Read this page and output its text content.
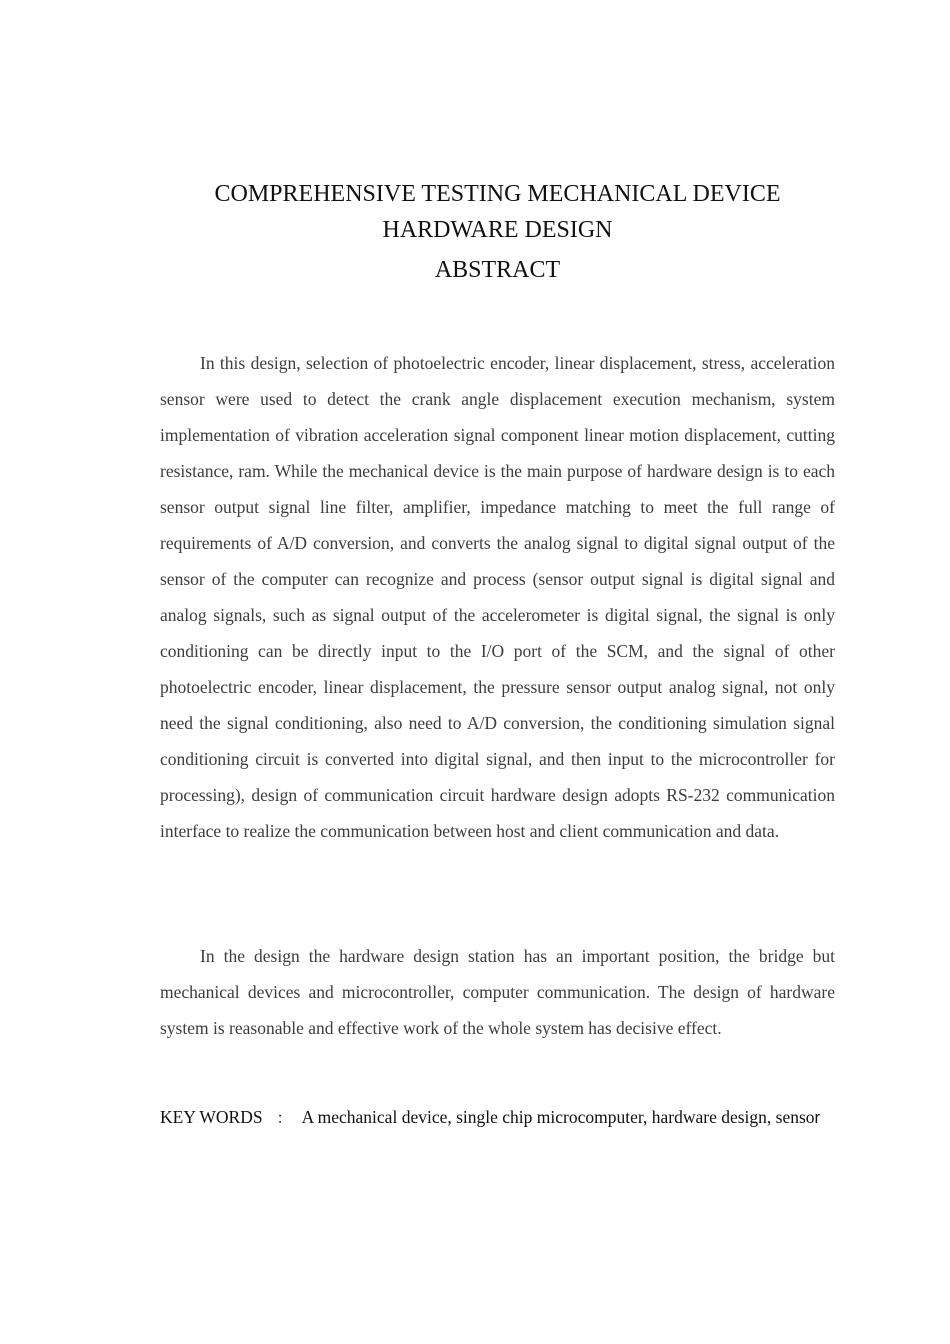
COMPREHENSIVE TESTING MECHANICAL DEVICE
HARDWARE DESIGN
ABSTRACT

In this design, selection of photoelectric encoder, linear displacement, stress, acceleration sensor were used to detect the crank angle displacement execution mechanism, system implementation of vibration acceleration signal component linear motion displacement, cutting resistance, ram. While the mechanical device is the main purpose of hardware design is to each sensor output signal line filter, amplifier, impedance matching to meet the full range of requirements of A/D conversion, and converts the analog signal to digital signal output of the sensor of the computer can recognize and process (sensor output signal is digital signal and analog signals, such as signal output of the accelerometer is digital signal, the signal is only conditioning can be directly input to the I/O port of the SCM, and the signal of other photoelectric encoder, linear displacement, the pressure sensor output analog signal, not only need the signal conditioning, also need to A/D conversion, the conditioning simulation signal conditioning circuit is converted into digital signal, and then input to the microcontroller for processing), design of communication circuit hardware design adopts RS-232 communication interface to realize the communication between host and client communication and data.

In the design the hardware design station has an important position, the bridge but mechanical devices and microcontroller, computer communication. The design of hardware system is reasonable and effective work of the whole system has decisive effect.

KEY WORDS ： A mechanical device, single chip microcomputer, hardware design, sensor
